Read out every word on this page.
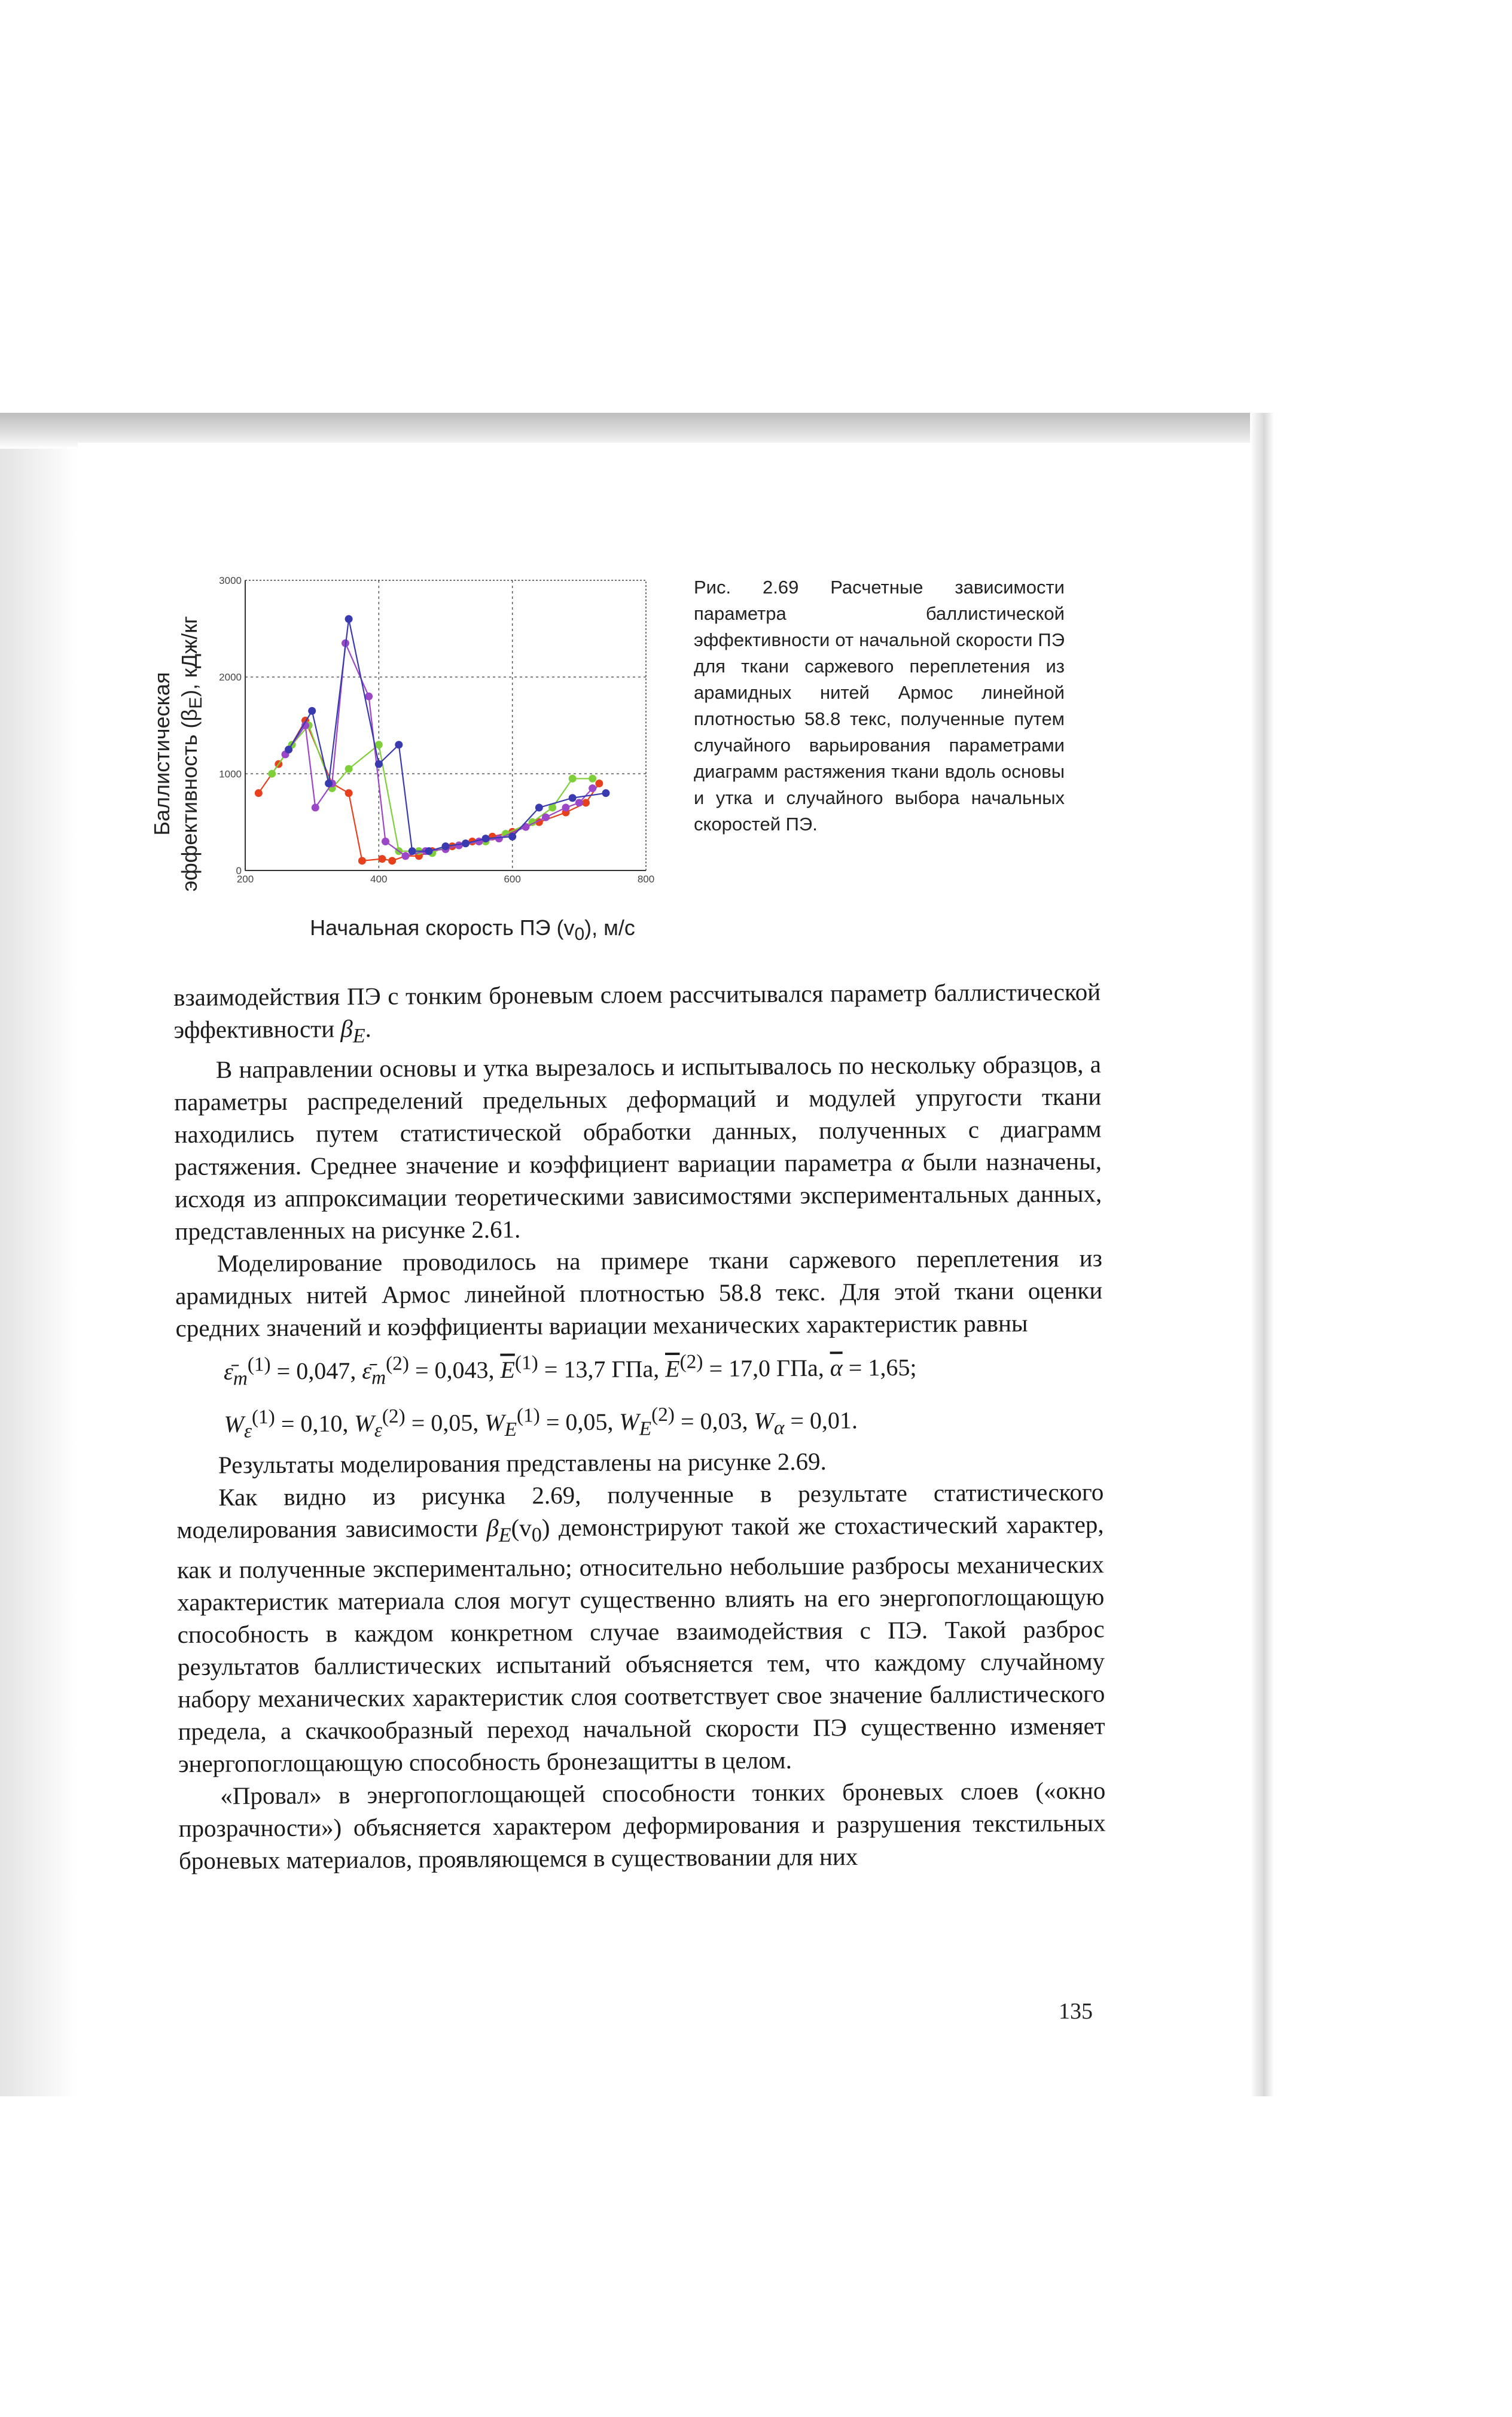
200	400	600	800
0
1000
2000
3000
Баллистическая эффективность $(\beta_Е)$, кДж/кг
Начальная скорость ПЭ $(v_0)$, м/с
Рис. 2.69 Расчетные зависимости параметра баллистической эффективности от начальной скорости ПЭ для ткани саржевого переплетения из арамидных нитей Армос линейной плотностью 58.8 текс, полученные путем случайного варьирования параметрами диаграмм растяжения ткани вдоль основы и утка и случайного выбора начальных скоростей ПЭ.

взаимодействия ПЭ с тонким броневым слоем рассчитывался параметр баллистической эффективности $\beta_E$.

В направлении основы и утка вырезалось и испытывалось по нескольку образцов, а параметры распределений предельных деформаций и модулей упругости ткани находились путем статистической обработки данных, полученных с диаграмм растяжения. Среднее значение и коэффициент вариации параметра α были назначены, исходя из аппроксимации теоретическими зависимостями экспериментальных данных, представленных на рисунке 2.61.

Моделирование проводилось на примере ткани саржевого переплетения из арамидных нитей Армос линейной плотностью 58.8 текс. Для этой ткани оценки средних значений и коэффициенты вариации механических характеристик равны

$\varepsilon̄_m^{(1)} = 0,047$, $\varepsilon̄_m^{(2)} = 0,043$, $\overline{E}^{(1)} = 13,7$ ГПа, $\overline{E}^{(2)} = 17,0$ ГПа, $\overline{\alpha} = 1,65$;
$W_\varepsilon^{(1)} = 0,10$, $W_\varepsilon^{(2)} = 0,05$, $W_E^{(1)} = 0,05$, $W_E^{(2)} = 0,03$, $W_\alpha = 0,01$.

Результаты моделирования представлены на рисунке 2.69.

Как видно из рисунка 2.69, полученные в результате статистического моделирования зависимости $\beta_E(v_0)$ демонстрируют такой же стохастический характер, как и полученные экспериментально; относительно небольшие разбросы механических характеристик материала слоя могут существенно влиять на его энергопоглощающую способность в каждом конкретном случае взаимодействия с ПЭ. Такой разброс результатов баллистических испытаний объясняется тем, что каждому случайному набору механических характеристик слоя соответствует свое значение баллистического предела, а скачкообразный переход начальной скорости ПЭ существенно изменяет энергопоглощающую способность бронезащитты в целом.

«Провал» в энергопоглощающей способности тонких броневых слоев («окно прозрачности») объясняется характером деформирования и разрушения текстильных броневых материалов, проявляющемся в существовании для них

135
